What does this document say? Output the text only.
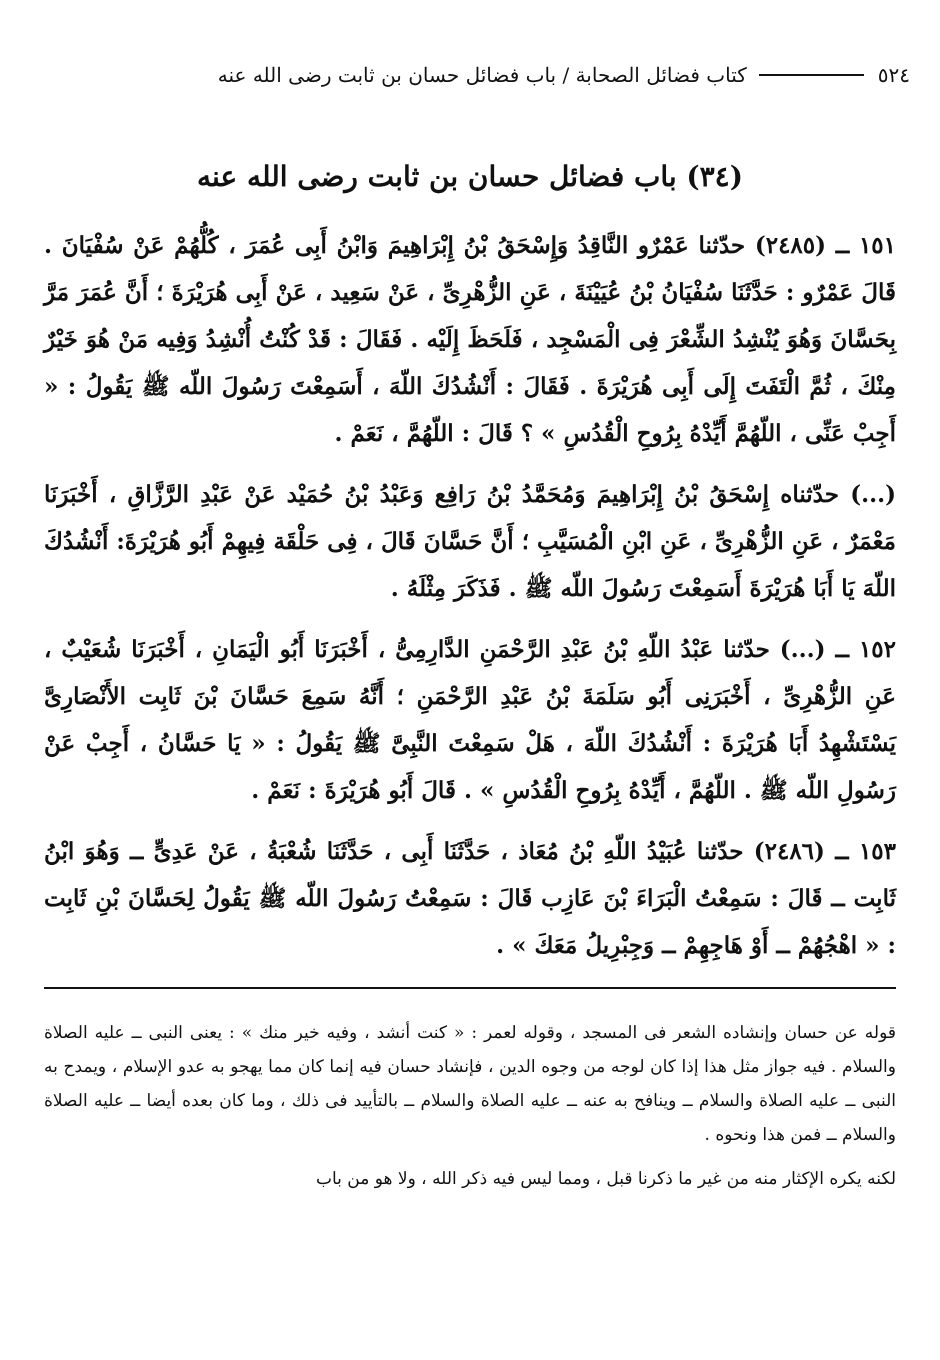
٥٢٤
كتاب فضائل الصحابة / باب فضائل حسان بن ثابت رضى الله عنه
(٣٤) باب فضائل حسان بن ثابت رضى الله عنه

١٥١ ــ (٢٤٨٥) حدّثنا عَمْرٌو النَّاقِدُ وَإِسْحَقُ بْنُ إِبْرَاهِيمَ وَابْنُ أَبِى عُمَرَ ، كُلُّهُمْ عَنْ سُفْيَانَ . قَالَ عَمْرٌو : حَدَّثَنَا سُفْيَانُ بْنُ عُيَيْنَةَ ، عَنِ الزُّهْرِىِّ ، عَنْ سَعِيد ، عَنْ أَبِى هُرَيْرَةَ ؛ أَنَّ عُمَرَ مَرَّ بِحَسَّانَ وَهُوَ يُنْشِدُ الشِّعْرَ فِى الْمَسْجِد ، فَلَحَظَ إِلَيْه . فَقَالَ : قَدْ كُنْتُ أُنْشِدُ وَفِيه مَنْ هُوَ خَيْرٌ مِنْكَ ، ثُمَّ الْتَفَتَ إِلَى أَبِى هُرَيْرَةَ . فَقَالَ : أَنْشُدُكَ اللّهَ ، أَسَمِعْتَ رَسُولَ اللّه ﷺ يَقُولُ : « أَجِبْ عَنِّى ، اللّهُمَّ أَيِّدْهُ بِرُوحِ الْقُدُسِ » ؟ قَالَ : اللّهُمَّ ، نَعَمْ .

(...) حدّثناه إِسْحَقُ بْنُ إِبْرَاهِيمَ وَمُحَمَّدُ بْنُ رَافِع وَعَبْدُ بْنُ حُمَيْد عَنْ عَبْدِ الرَّزَّاقِ ، أَخْبَرَنَا مَعْمَرٌ ، عَنِ الزُّهْرِىِّ ، عَنِ ابْنِ الْمُسَيَّبِ ؛ أَنَّ حَسَّانَ قَالَ ، فِى حَلْقَة فِيهِمْ أَبُو هُرَيْرَةَ: أَنْشُدُكَ اللّهَ يَا أَبَا هُرَيْرَةَ أَسَمِعْتَ رَسُولَ اللّه ﷺ . فَذَكَرَ مِثْلَهُ .

١٥٢ ــ (...) حدّثنا عَبْدُ اللّهِ بْنُ عَبْدِ الرَّحْمَنِ الدَّارِمِىُّ ، أَخْبَرَنَا أَبُو الْيَمَانِ ، أَخْبَرَنَا شُعَيْبٌ ، عَنِ الزُّهْرِىِّ ، أَخْبَرَنِى أَبُو سَلَمَةَ بْنُ عَبْدِ الرَّحْمَنِ ؛ أَنَّهُ سَمِعَ حَسَّانَ بْنَ ثَابِت الأَنْصَارِىَّ يَسْتَشْهِدُ أَبَا هُرَيْرَةَ : أَنْشُدُكَ اللّهَ ، هَلْ سَمِعْتَ النَّبِىَّ ﷺ يَقُولُ : « يَا حَسَّانُ ، أَجِبْ عَنْ رَسُولِ اللّه ﷺ . اللّهُمَّ ، أَيِّدْهُ بِرُوحِ الْقُدُسِ » . قَالَ أَبُو هُرَيْرَةَ : نَعَمْ .

١٥٣ ــ (٢٤٨٦) حدّثنا عُبَيْدُ اللّهِ بْنُ مُعَاذ ، حَدَّثَنَا أَبِى ، حَدَّثَنَا شُعْبَةُ ، عَنْ عَدِىٍّ ــ وَهُوَ ابْنُ ثَابِت ــ قَالَ : سَمِعْتُ الْبَرَاءَ بْنَ عَازِب قَالَ : سَمِعْتُ رَسُولَ اللّه ﷺ يَقُولُ لِحَسَّانَ بْنِ ثَابِت : « اهْجُهُمْ ــ أَوْ هَاجِهِمْ ــ وَجِبْرِيلُ مَعَكَ » .

قوله عن حسان وإنشاده الشعر فى المسجد ، وقوله لعمر : « كنت أنشد ، وفيه خير منك » : يعنى النبى ــ عليه الصلاة والسلام . فيه جواز مثل هذا إذا كان لوجه من وجوه الدين ، فإنشاد حسان فيه إنما كان مما يهجو به عدو الإسلام ، ويمدح به النبى ــ عليه الصلاة والسلام ــ وينافح به عنه ــ عليه الصلاة والسلام ــ بالتأييد فى ذلك ، وما كان بعده أيضا ــ عليه الصلاة والسلام ــ فمن هذا ونحوه .

لكنه يكره الإكثار منه من غير ما ذكرنا قبل ، ومما ليس فيه ذكر الله ، ولا هو من باب
